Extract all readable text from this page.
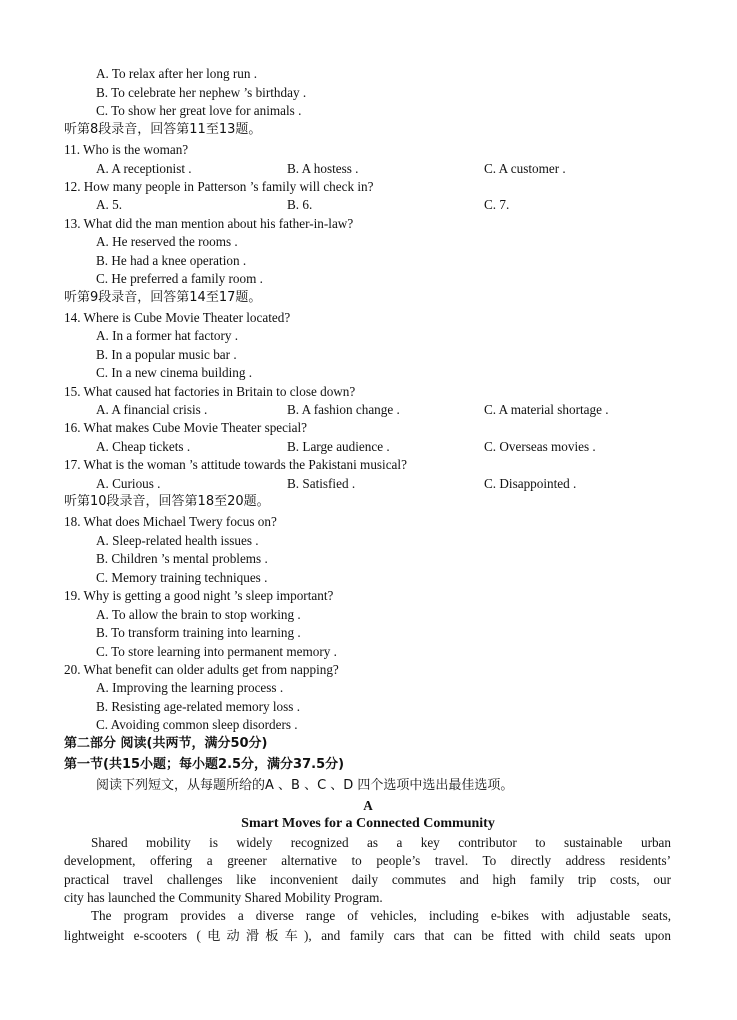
A. To relax after her long run .
B. To celebrate her nephew ’s birthday .
C. To show her great love for animals .
听第8段录音，回答第11至13题。
11. Who is the woman?
A. A receptionist .	B. A hostess .	C. A customer .
12. How many people in Patterson ’s family will check in?
A. 5.	B. 6.	C. 7.
13. What did the man mention about his father-in-law?
A. He reserved the rooms .
B. He had a knee operation .
C. He preferred a family room .
听第9段录音，回答第14至17题。
14. Where is Cube Movie Theater located?
A. In a former hat factory .
B. In a popular music bar .
C. In a new cinema building .
15. What caused hat factories in Britain to close down?
A. A financial crisis .	B. A fashion change .	C. A material shortage .
16. What makes Cube Movie Theater special?
A. Cheap tickets .	B. Large audience .	C. Overseas movies .
17. What is the woman ’s attitude towards the Pakistani musical?
A. Curious .	B. Satisfied .	C. Disappointed .
听第10段录音，回答第18至20题。
18. What does Michael Twery focus on?
A. Sleep-related health issues .
B. Children ’s mental problems .
C. Memory training techniques .
19. Why is getting a good night ’s sleep important?
A. To allow the brain to stop working .
B. To transform training into learning .
C. To store learning into permanent memory .
20. What benefit can older adults get from napping?
A. Improving the learning process .
B. Resisting age-related memory loss .
C. Avoiding common sleep disorders .
第二部分 阅读(共两节，满分50分)
第一节(共15小题；每小题2.5分，满分37.5分)
阅读下列短文，从每题所给的A 、B 、C 、D 四个选项中选出最佳选项。
A
Smart Moves for a Connected Community
Shared mobility is widely recognized as a key contributor to sustainable urban
development, offering a greener alternative to people’s travel. To directly address residents’
practical travel challenges like inconvenient daily commutes and high family trip costs, our
city has launched the Community Shared Mobility Program.
The program provides a diverse range of vehicles, including e-bikes with adjustable seats,
lightweight e-scooters (电动滑板车), and family cars that can be fitted with child seats upon
